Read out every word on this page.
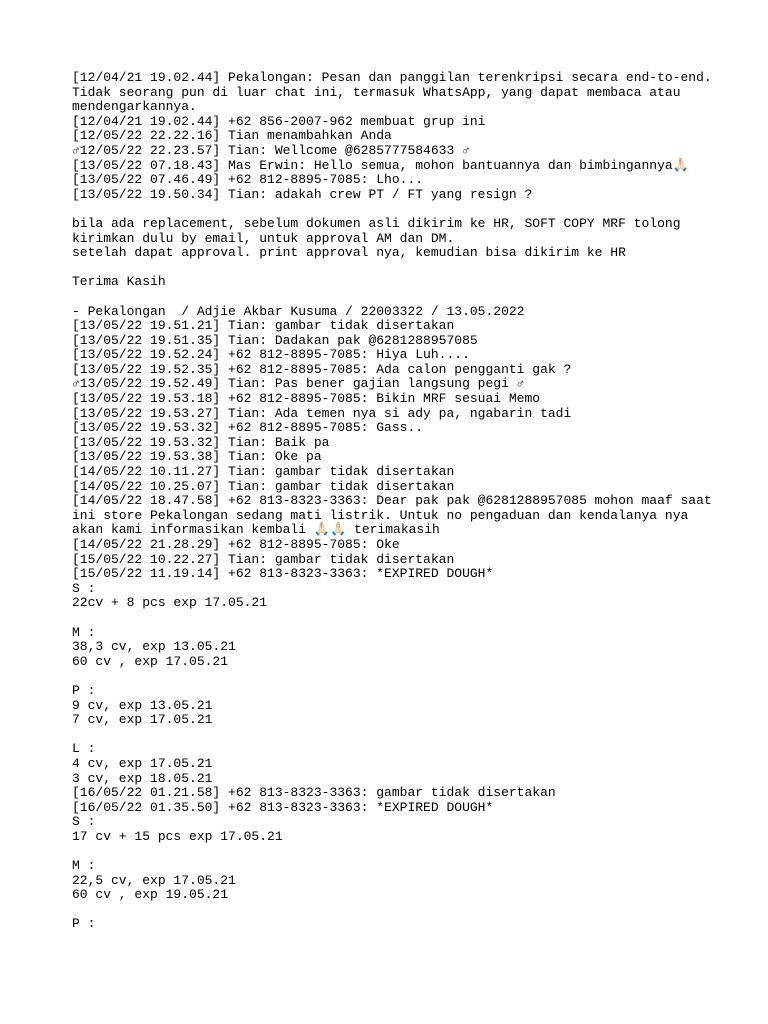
[12/04/21 19.02.44] Pekalongan: Pesan dan panggilan terenkripsi secara end-to-end.
Tidak seorang pun di luar chat ini, termasuk WhatsApp, yang dapat membaca atau
mendengarkannya.
[12/04/21 19.02.44] +62 856-2007-962 membuat grup ini
[12/05/22 22.22.16] Tian menambahkan Anda
♂12/05/22 22.23.57] Tian: Wellcome @6285777584633 ♂
[13/05/22 07.18.43] Mas Erwin: Hello semua, mohon bantuannya dan bimbingannya🙏🏻
[13/05/22 07.46.49] +62 812-8895-7085: Lho...
[13/05/22 19.50.34] Tian: adakah crew PT / FT yang resign ?
bila ada replacement, sebelum dokumen asli dikirim ke HR, SOFT COPY MRF tolong
kirimkan dulu by email, untuk approval AM dan DM.
setelah dapat approval. print approval nya, kemudian bisa dikirim ke HR
Terima Kasih
- Pekalongan  / Adjie Akbar Kusuma / 22003322 / 13.05.2022
[13/05/22 19.51.21] Tian: gambar tidak disertakan
[13/05/22 19.51.35] Tian: Dadakan pak @6281288957085
[13/05/22 19.52.24] +62 812-8895-7085: Hiya Luh....
[13/05/22 19.52.35] +62 812-8895-7085: Ada calon pengganti gak ?
♂13/05/22 19.52.49] Tian: Pas bener gajian langsung pegi ♂
[13/05/22 19.53.18] +62 812-8895-7085: Bikin MRF sesuai Memo
[13/05/22 19.53.27] Tian: Ada temen nya si ady pa, ngabarin tadi
[13/05/22 19.53.32] +62 812-8895-7085: Gass..
[13/05/22 19.53.32] Tian: Baik pa
[13/05/22 19.53.38] Tian: Oke pa
[14/05/22 10.11.27] Tian: gambar tidak disertakan
[14/05/22 10.25.07] Tian: gambar tidak disertakan
[14/05/22 18.47.58] +62 813-8323-3363: Dear pak pak @6281288957085 mohon maaf saat
ini store Pekalongan sedang mati listrik. Untuk no pengaduan dan kendalanya nya
akan kami informasikan kembali 🙏🏻🙏🏻 terimakasih
[14/05/22 21.28.29] +62 812-8895-7085: Oke
[15/05/22 10.22.27] Tian: gambar tidak disertakan
[15/05/22 11.19.14] +62 813-8323-3363: *EXPIRED DOUGH*
S :
22cv + 8 pcs exp 17.05.21
M :
38,3 cv, exp 13.05.21
60 cv , exp 17.05.21
P :
9 cv, exp 13.05.21
7 cv, exp 17.05.21
L :
4 cv, exp 17.05.21
3 cv, exp 18.05.21
[16/05/22 01.21.58] +62 813-8323-3363: gambar tidak disertakan
[16/05/22 01.35.50] +62 813-8323-3363: *EXPIRED DOUGH*
S :
17 cv + 15 pcs exp 17.05.21
M :
22,5 cv, exp 17.05.21
60 cv , exp 19.05.21
P :
